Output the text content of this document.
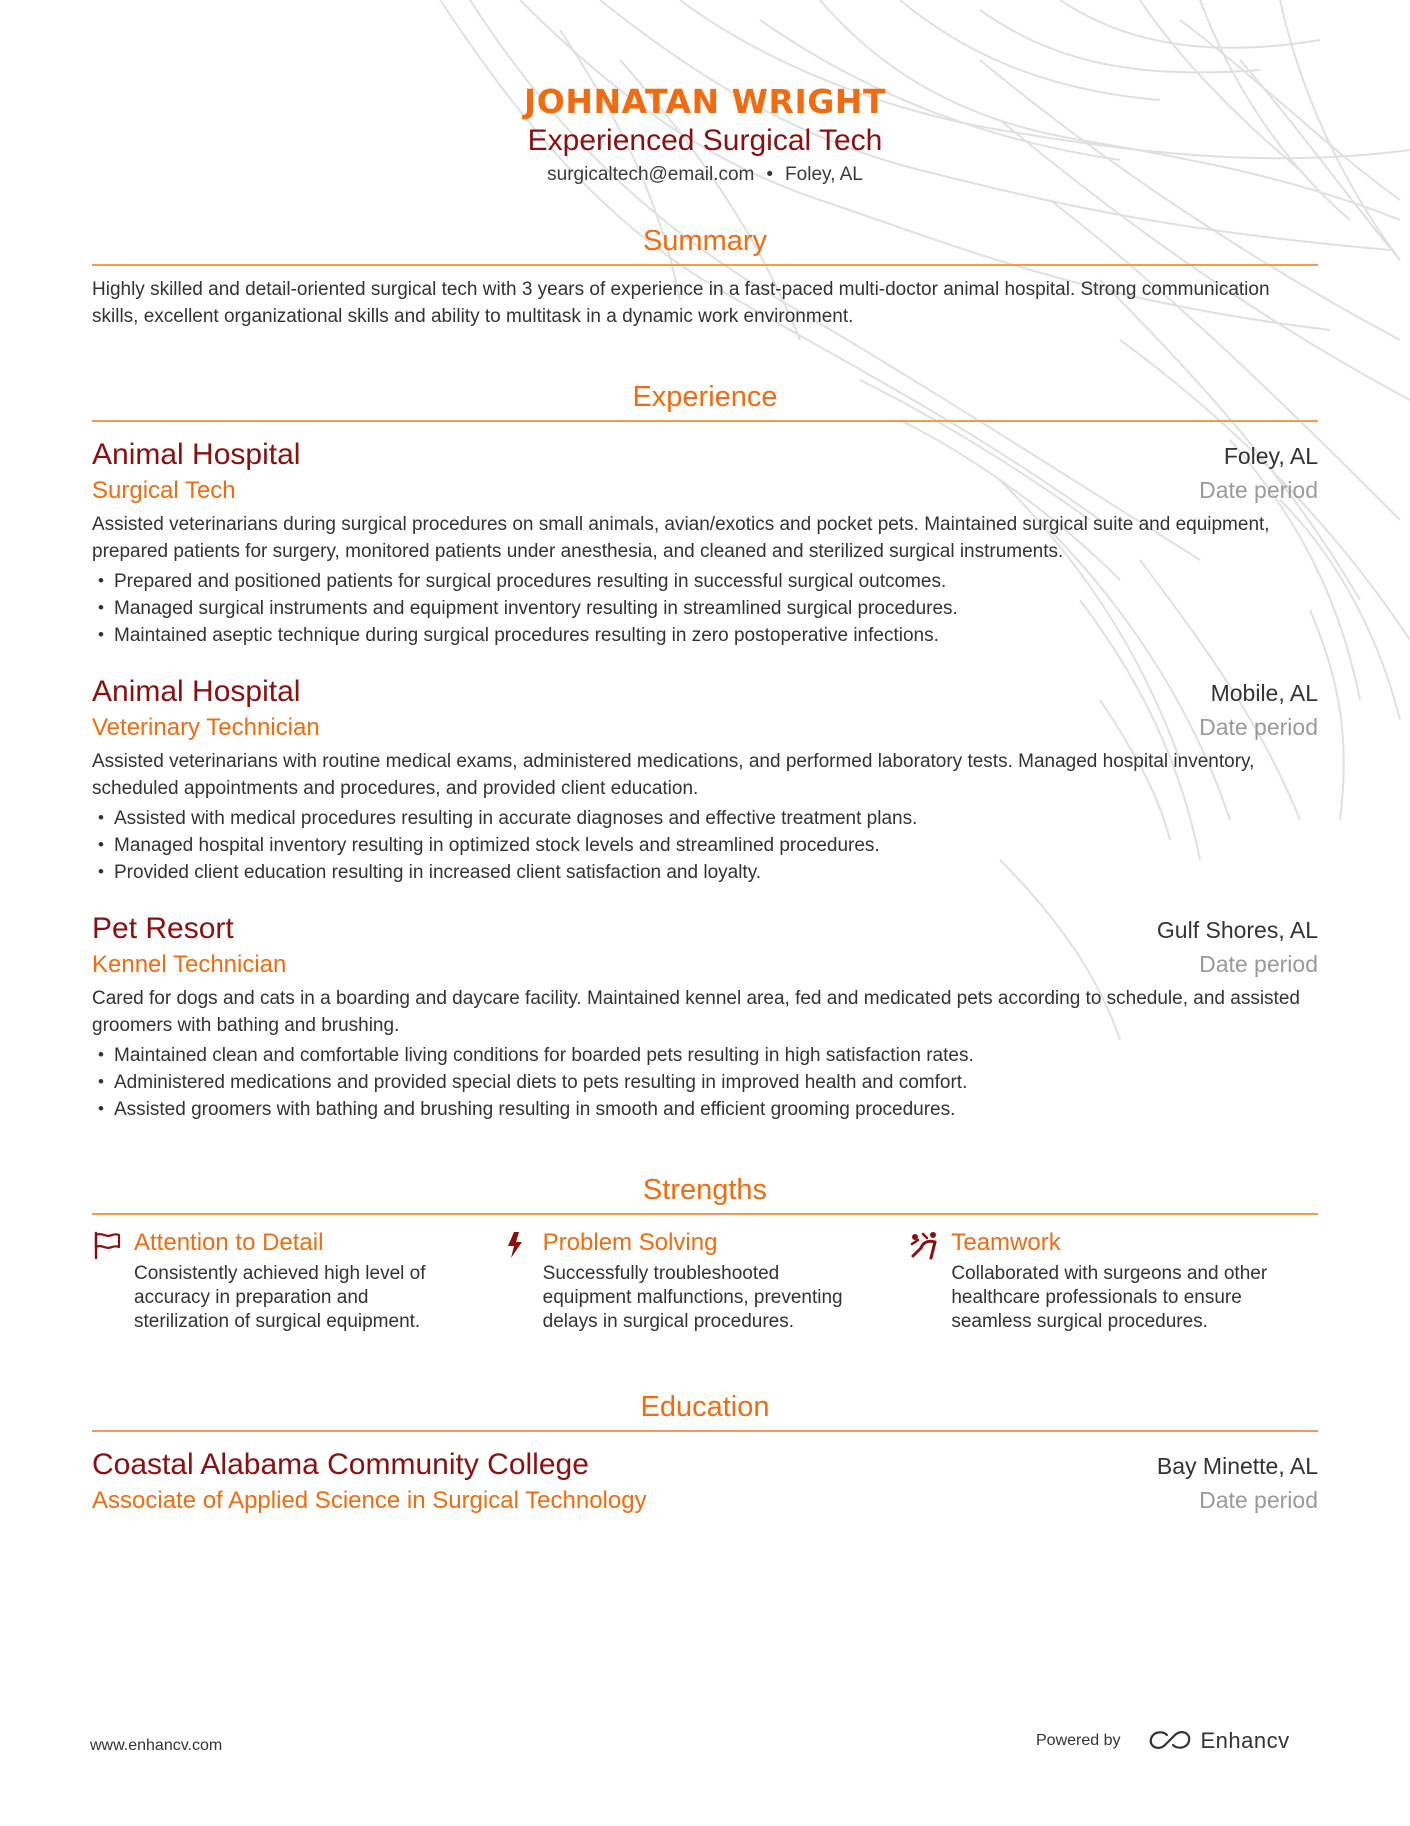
JOHNATAN WRIGHT
Experienced Surgical Tech
surgicaltech@email.com • Foley, AL
Summary
Highly skilled and detail-oriented surgical tech with 3 years of experience in a fast-paced multi-doctor animal hospital. Strong communication skills, excellent organizational skills and ability to multitask in a dynamic work environment.
Experience
Animal Hospital	Foley, AL
Surgical Tech	Date period
Assisted veterinarians during surgical procedures on small animals, avian/exotics and pocket pets. Maintained surgical suite and equipment, prepared patients for surgery, monitored patients under anesthesia, and cleaned and sterilized surgical instruments.
• Prepared and positioned patients for surgical procedures resulting in successful surgical outcomes.
• Managed surgical instruments and equipment inventory resulting in streamlined surgical procedures.
• Maintained aseptic technique during surgical procedures resulting in zero postoperative infections.
Animal Hospital	Mobile, AL
Veterinary Technician	Date period
Assisted veterinarians with routine medical exams, administered medications, and performed laboratory tests. Managed hospital inventory, scheduled appointments and procedures, and provided client education.
• Assisted with medical procedures resulting in accurate diagnoses and effective treatment plans.
• Managed hospital inventory resulting in optimized stock levels and streamlined procedures.
• Provided client education resulting in increased client satisfaction and loyalty.
Pet Resort	Gulf Shores, AL
Kennel Technician	Date period
Cared for dogs and cats in a boarding and daycare facility. Maintained kennel area, fed and medicated pets according to schedule, and assisted groomers with bathing and brushing.
• Maintained clean and comfortable living conditions for boarded pets resulting in high satisfaction rates.
• Administered medications and provided special diets to pets resulting in improved health and comfort.
• Assisted groomers with bathing and brushing resulting in smooth and efficient grooming procedures.
Strengths
Attention to Detail
Consistently achieved high level of accuracy in preparation and sterilization of surgical equipment.
Problem Solving
Successfully troubleshooted equipment malfunctions, preventing delays in surgical procedures.
Teamwork
Collaborated with surgeons and other healthcare professionals to ensure seamless surgical procedures.
Education
Coastal Alabama Community College	Bay Minette, AL
Associate of Applied Science in Surgical Technology	Date period
www.enhancv.com	Powered by	Enhancv
